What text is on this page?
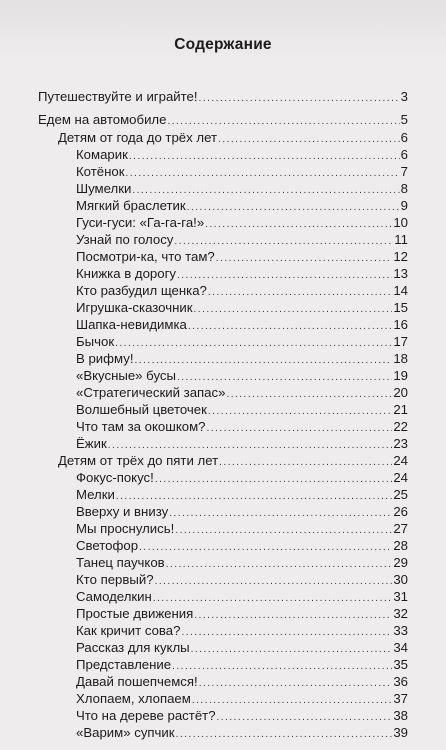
Содержание
Путешествуйте и играйте! .....	3
Едем на автомобиле .....	5
Детям от года до трёх лет .....	6
Комарик .....	6
Котёнок .....	7
Шумелки .....	8
Мягкий браслетик .....	9
Гуси-гуси: «Га-га-га!» .....	10
Узнай по голосу .....	11
Посмотри-ка, что там? .....	12
Книжка в дорогу .....	13
Кто разбудил щенка? .....	14
Игрушка-сказочник .....	15
Шапка-невидимка .....	16
Бычок .....	17
В рифму! .....	18
«Вкусные» бусы .....	19
«Стратегический запас» .....	20
Волшебный цветочек .....	21
Что там за окошком? .....	22
Ёжик .....	23
Детям от трёх до пяти лет .....	24
Фокус-покус! .....	24
Мелки .....	25
Вверху и внизу .....	26
Мы проснулись! .....	27
Светофор .....	28
Танец паучков .....	29
Кто первый? .....	30
Самоделкин .....	31
Простые движения .....	32
Как кричит сова? .....	33
Рассказ для куклы .....	34
Представление .....	35
Давай пошепчемся! .....	36
Хлопаем, хлопаем .....	37
Что на дереве растёт? .....	38
«Варим» супчик .....	39
